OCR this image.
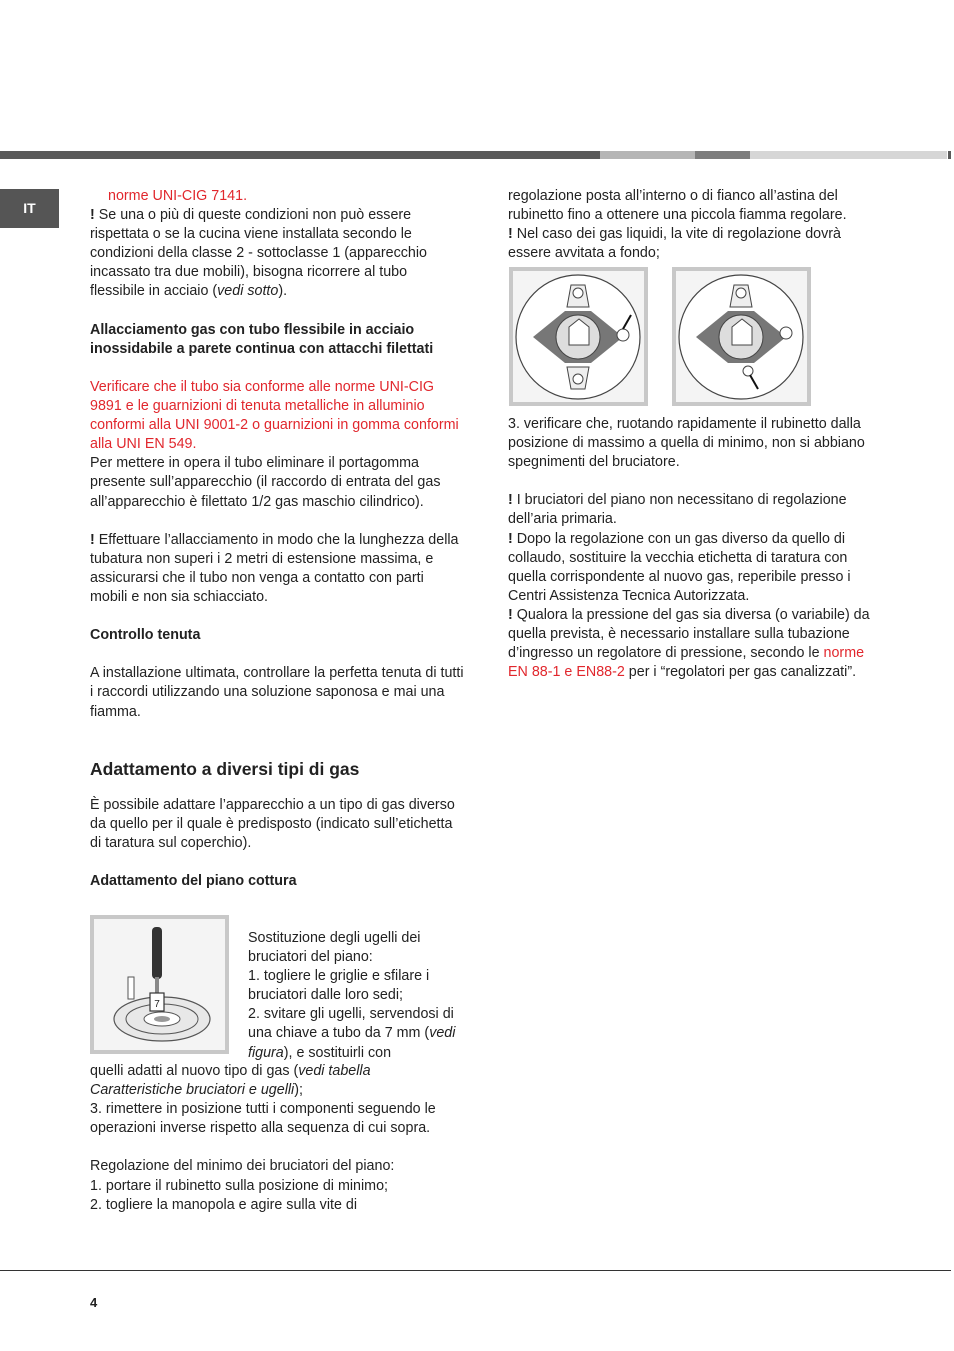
IT

norme UNI-CIG 7141.

! Se una o più di queste condizioni non può essere rispettata o se la cucina viene installata secondo le condizioni della classe 2 - sottoclasse 1 (apparecchio incassato tra due mobili), bisogna ricorrere al tubo flessibile in acciaio (vedi sotto).

Allacciamento gas con tubo flessibile in acciaio inossidabile a parete continua con attacchi filettati

Verificare che il tubo sia conforme alle norme UNI-CIG 9891 e le guarnizioni di tenuta metalliche in alluminio conformi alla UNI 9001-2 o guarnizioni in gomma conformi alla UNI EN 549.

Per mettere in opera il tubo eliminare il portagomma presente sull’apparecchio (il raccordo di entrata del gas all’apparecchio è filettato 1/2 gas maschio cilindrico).

! Effettuare l’allacciamento in modo che la lunghezza della tubatura non superi i 2 metri di estensione massima, e assicurarsi che il tubo non venga a contatto con parti mobili e non sia schiacciato.

Controllo tenuta

A installazione ultimata, controllare la perfetta tenuta di tutti i raccordi utilizzando una soluzione saponosa e mai una fiamma.

Adattamento a diversi tipi di gas

È possibile adattare l’apparecchio a un tipo di gas diverso da quello per il quale è predisposto (indicato sull’etichetta di taratura sul coperchio).

Adattamento del piano cottura

7

Sostituzione degli ugelli dei bruciatori del piano:

1. togliere le griglie e sfilare i bruciatori dalle loro sedi;

2. svitare gli ugelli, servendosi di una chiave a tubo da 7 mm (vedi figura), e sostituirli con

quelli adatti al nuovo tipo di gas (vedi tabella Caratteristiche bruciatori e ugelli);

3. rimettere in posizione tutti i componenti seguendo le operazioni inverse rispetto alla sequenza di cui sopra.

Regolazione del minimo dei bruciatori del piano:

1. portare il rubinetto sulla posizione di minimo;

2. togliere la manopola e agire sulla vite di

regolazione posta all’interno o di fianco all’astina del rubinetto fino a ottenere una piccola fiamma regolare.

! Nel caso dei gas liquidi, la vite di regolazione dovrà essere avvitata a fondo;

3. verificare che, ruotando rapidamente il rubinetto dalla posizione di massimo a quella di minimo, non si abbiano spegnimenti del bruciatore.

! I bruciatori del piano non necessitano di regolazione dell’aria primaria.

! Dopo la regolazione con un gas diverso da quello di collaudo, sostituire la vecchia etichetta di taratura con quella corrispondente al nuovo gas, reperibile presso i Centri Assistenza Tecnica Autorizzata.

! Qualora la pressione del gas sia diversa (o variabile) da quella prevista, è necessario installare sulla tubazione d’ingresso un regolatore di pressione, secondo le norme EN 88-1 e EN88-2 per i “regolatori per gas canalizzati”.

4
